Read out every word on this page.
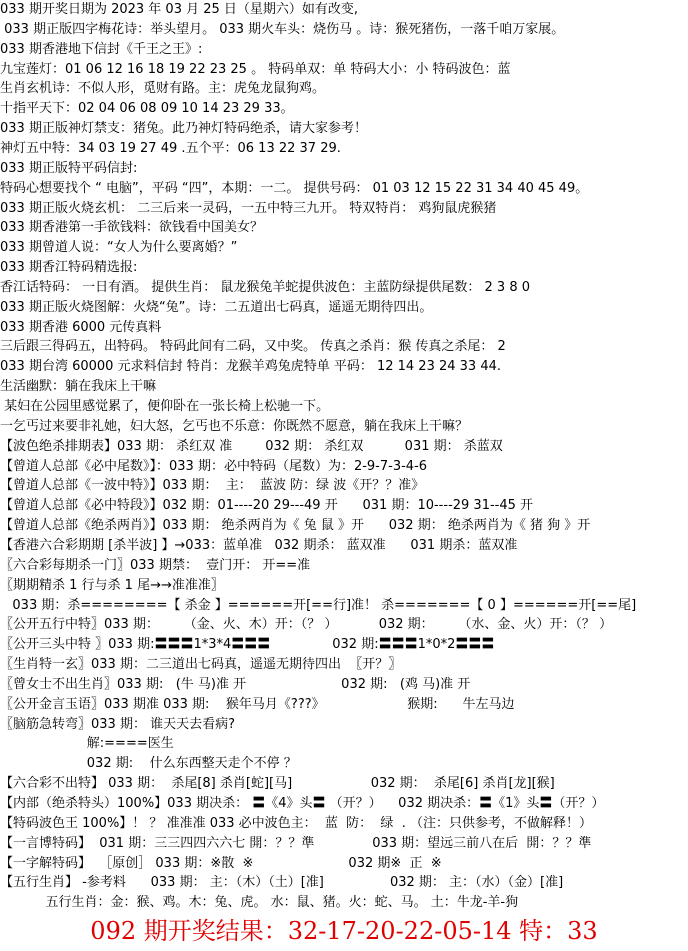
033 期开奖日期为 2023 年 03 月 25 日（星期六）如有改变,
033 期正版四字梅花诗：举头望月。 033 期火车头：烧伤马 。诗：猴死猪伤，一落千咱万家展。
033 期香港地下信封《千王之王》:
九宝莲灯：01 06 12 16 18 19 22 23 25 。 特码单双：单 特码大小：小 特码波色：蓝
生肖玄机诗：不似人形，觅财有路。主：虎兔龙鼠狗鸡。
十指平天下：02 04 06 08 09 10 14 23 29 33。
033 期正版神灯禁支：猪兔。此乃神灯特码绝杀，请大家参考！
神灯五中特：34 03 19 27 49 .五个平：06 13 22 37 29.
033 期正版特平码信封:
特码心想要找个 “ 电脑”，平码 “四”，本期：一二。 提供号码： 01 03 12 15 22 31 34 40 45 49。
033 期正版火烧玄机： 二三后来一灵码，一五中特三九开。 特双特肖： 鸡狗鼠虎猴猪
033 期香港第一手欲钱料：欲钱看中国美女？
033 期曾道人说：“女人为什么要离婚？”
033 期香江特码精选报:
香江话特码： 一日有酒。 提供生肖： 鼠龙猴兔羊蛇提供波色：主蓝防绿提供尾数： 2 3 8 0
033 期正版火烧图解：火烧“兔”。诗：二五道出七码真，遥遥无期待四出。
033 期香港 6000 元传真料
三后跟三得码五，出特码。 特码此间有二码，又中奖。 传真之杀肖：猴 传真之杀尾： 2
033 期台湾 60000 元求料信封 特肖：龙猴羊鸡兔虎特单 平码： 12 14 23 24 33 44.
生活幽默：躺在我床上干嘛
某妇在公园里感觉累了，便仰卧在一张长椅上松驰一下。
一乞丐过来要非礼她，妇大怒，乞丐也不乐意：你既然不愿意，躺在我床上干嘛？
【波色绝杀排期表】033 期： 杀红双 准        032 期： 杀红双          031 期： 杀蓝双
【曾道人总部《必中尾数》】：033 期：必中特码（尾数）为：2-9-7-3-4-6
【曾道人总部《一波中特》】033 期：  主：  蓝波 防：绿 波《开？？准》
【曾道人总部《必中特段》】032 期：01----20 29---49 开      031 期：10----29 31--45 开
【曾道人总部《绝杀两肖》】033 期： 绝杀两肖为《 兔 鼠 》开      032 期： 绝杀两肖为《 猪 狗 》开
【香港六合彩期期 [杀半波] 】→033：蓝单准   032 期杀： 蓝双准      031 期杀：蓝双准
〖六合彩每期杀一门〗033 期禁：  壹门开： 开==准
〖期期精杀 1 行与杀 1 尾→→准准准〗
033 期：杀========【 杀金 】======开[==行]准！ 杀=======【 0 】======开[==尾]
〖公开五行中特〗033 期：      （金、火、木）开：（？ ）          032 期：      （水、金、火）开：（？ ）
〖公开三头中特 〗033 期:〓〓〓1*3*4〓〓〓               032 期:〓〓〓1*0*2〓〓〓
〖生肖特一玄〗033 期：二三道出七码真，遥遥无期待四出  〖开？〗
〖曾女士不出生肖〗033 期:   (牛 马)准 开                       032 期:   (鸡 马)准 开
〖公开金言玉语〗033 期准 033 期:    猴年马月《???》                    猴期:      牛左马边
〖脑筋急转弯〗033 期： 谁天天去看病?
解:====医生
032 期:    什么东西整天走个不停 ？
【六合彩不出特】 033 期：  杀尾[8] 杀肖[蛇][马]                   032 期：  杀尾[6] 杀肖[龙][猴]
【内部（绝杀特头）100%】033 期决杀： 〓《4》头〓 （开？）    032 期决杀：〓《1》头〓（开？）
【特码波色王 100%】！ ？ 准准准 033 必中波色主：  蓝  防：  绿  . （注：只供参考，不做解释！）
【一言博特码】  031 期：三三四四六六七 開：？？準              033 期：望远三前八在后  開：？？準
【一字解特码】  ［原创］ 033 期：※散  ※                       032 期※  正  ※
【五行生肖】 -参考料      033 期： 主：（木）（土）[准]                032 期： 主：（水）（金）[准]
五行生肖：金：猴、鸡。木：兔、虎。 水：鼠、猪。火：蛇、马。 土：牛龙-羊-狗
092 期开奖结果：32-17-20-22-05-14 特：33
